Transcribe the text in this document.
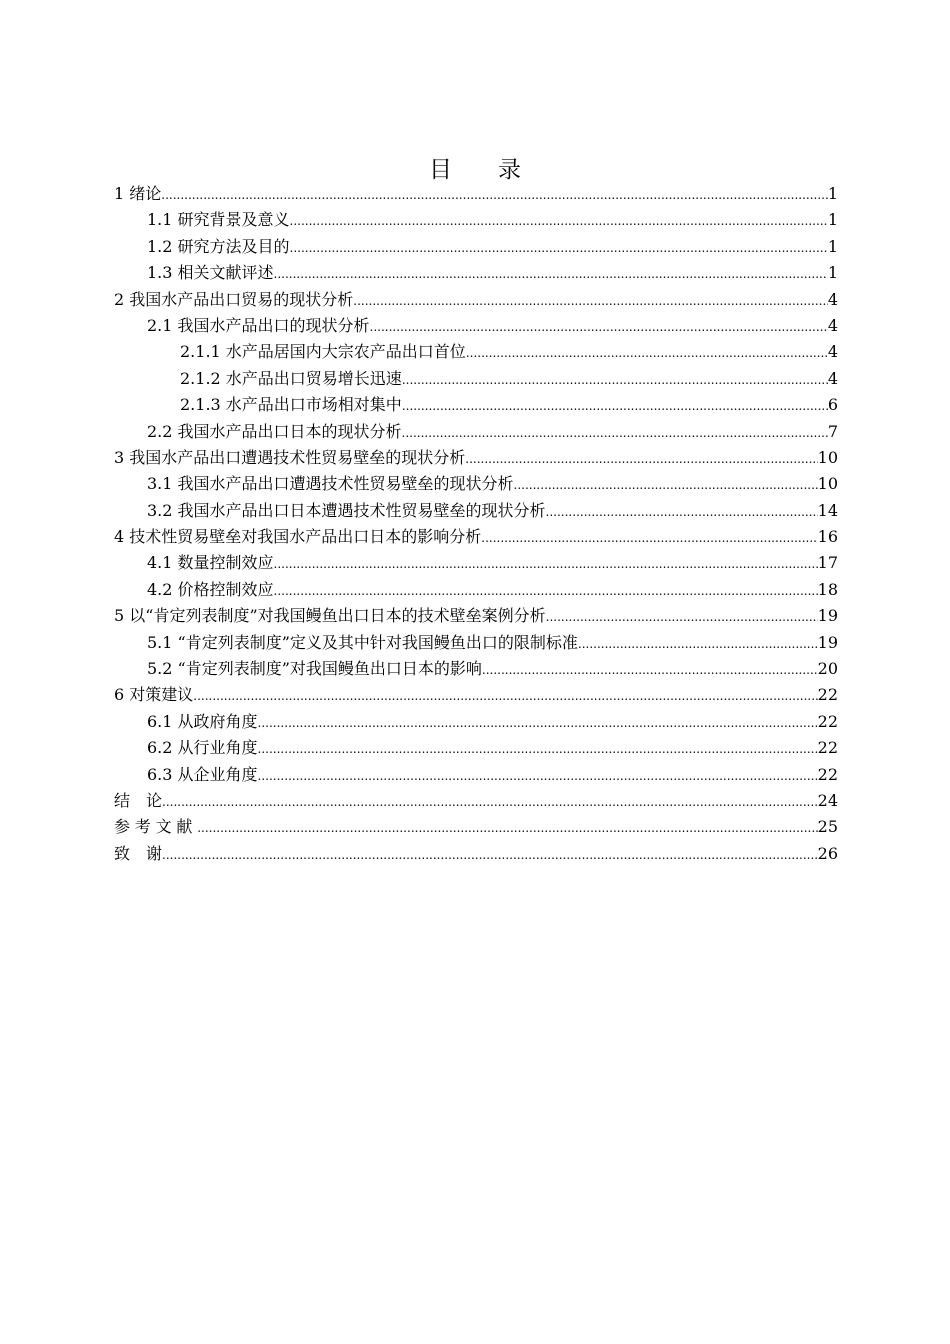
目 录
1 绪论 .....	1
1.1 研究背景及意义 .....	1
1.2 研究方法及目的 .....	1
1.3 相关文献评述 .....	1
2 我国水产品出口贸易的现状分析 .....	4
2.1 我国水产品出口的现状分析 .....	4
2.1.1 水产品居国内大宗农产品出口首位 .....	4
2.1.2 水产品出口贸易增长迅速 .....	4
2.1.3 水产品出口市场相对集中 .....	6
2.2 我国水产品出口日本的现状分析 .....	7
3 我国水产品出口遭遇技术性贸易壁垒的现状分析 .....	10
3.1 我国水产品出口遭遇技术性贸易壁垒的现状分析 .....	10
3.2 我国水产品出口日本遭遇技术性贸易壁垒的现状分析 .....	14
4 技术性贸易壁垒对我国水产品出口日本的影响分析 .....	16
4.1 数量控制效应 .....	17
4.2 价格控制效应 .....	18
5 以“肯定列表制度”对我国鳗鱼出口日本的技术壁垒案例分析 .....	19
5.1 “肯定列表制度”定义及其中针对我国鳗鱼出口的限制标准 .....	19
5.2 “肯定列表制度”对我国鳗鱼出口日本的影响 .....	20
6 对策建议 .....	22
6.1 从政府角度 .....	22
6.2 从行业角度 .....	22
6.3 从企业角度 .....	22
结　论 .....	24
参考文献 .....	25
致　谢 .....	26
